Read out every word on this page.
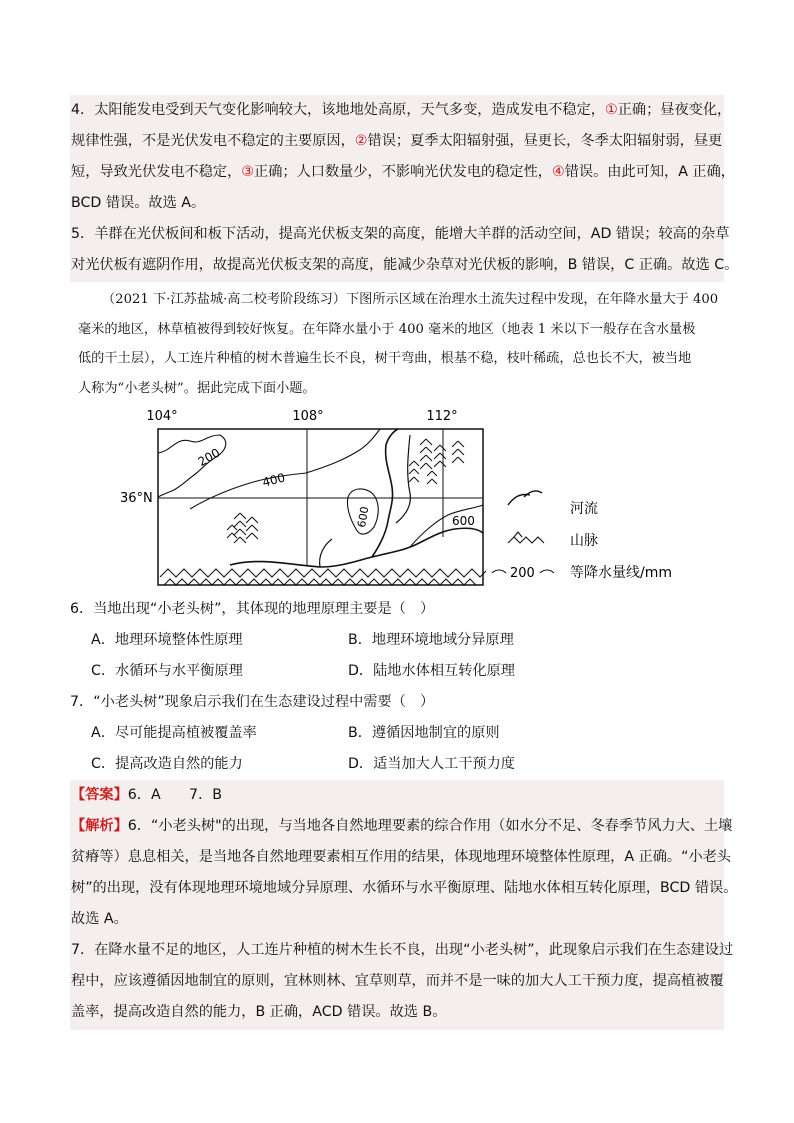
4．太阳能发电受到天气变化影响较大，该地地处高原，天气多变，造成发电不稳定，①正确；昼夜变化，
规律性强，不是光伏发电不稳定的主要原因，②错误；夏季太阳辐射强，昼更长，冬季太阳辐射弱，昼更
短，导致光伏发电不稳定，③正确；人口数量少，不影响光伏发电的稳定性，④错误。由此可知，A 正确，
BCD 错误。故选 A。
5．羊群在光伏板间和板下活动，提高光伏板支架的高度，能增大羊群的活动空间，AD 错误；较高的杂草
对光伏板有遮阴作用，故提高光伏板支架的高度，能减少杂草对光伏板的影响，B 错误，C 正确。故选 C。
（2021 下·江苏盐城·高二校考阶段练习）下图所示区域在治理水土流失过程中发现，在年降水量大于 400
毫米的地区，林草植被得到较好恢复。在年降水量小于 400 毫米的地区（地表 1 米以下一般存在含水量极
低的干土层），人工连片种植的树木普遍生长不良，树干弯曲，根基不稳，枝叶稀疏，总也长不大，被当地
人称为“小老头树”。据此完成下面小题。
104°	108°	112°
36°N
200
400
600	600
河流
山脉
200	等降水量线/mm
6．当地出现“小老头树”，其体现的地理原理主要是（　）
A．地理环境整体性原理	B．地理环境地域分异原理
C．水循环与水平衡原理	D．陆地水体相互转化原理
7．“小老头树”现象启示我们在生态建设过程中需要（　）
A．尽可能提高植被覆盖率	B．遵循因地制宜的原则
C．提高改造自然的能力	D．适当加大人工干预力度
【答案】6．A　　7．B
【解析】6．“小老头树"的出现，与当地各自然地理要素的综合作用（如水分不足、冬春季节风力大、土壤
贫瘠等）息息相关，是当地各自然地理要素相互作用的结果，体现地理环境整体性原理，A 正确。“小老头
树”的出现，没有体现地理环境地域分异原理、水循环与水平衡原理、陆地水体相互转化原理，BCD 错误。
故选 A。
7．在降水量不足的地区，人工连片种植的树木生长不良，出现“小老头树”，此现象启示我们在生态建设过
程中，应该遵循因地制宜的原则，宜林则林、宜草则草，而并不是一味的加大人工干预力度，提高植被覆
盖率，提高改造自然的能力，B 正确，ACD 错误。故选 B。
